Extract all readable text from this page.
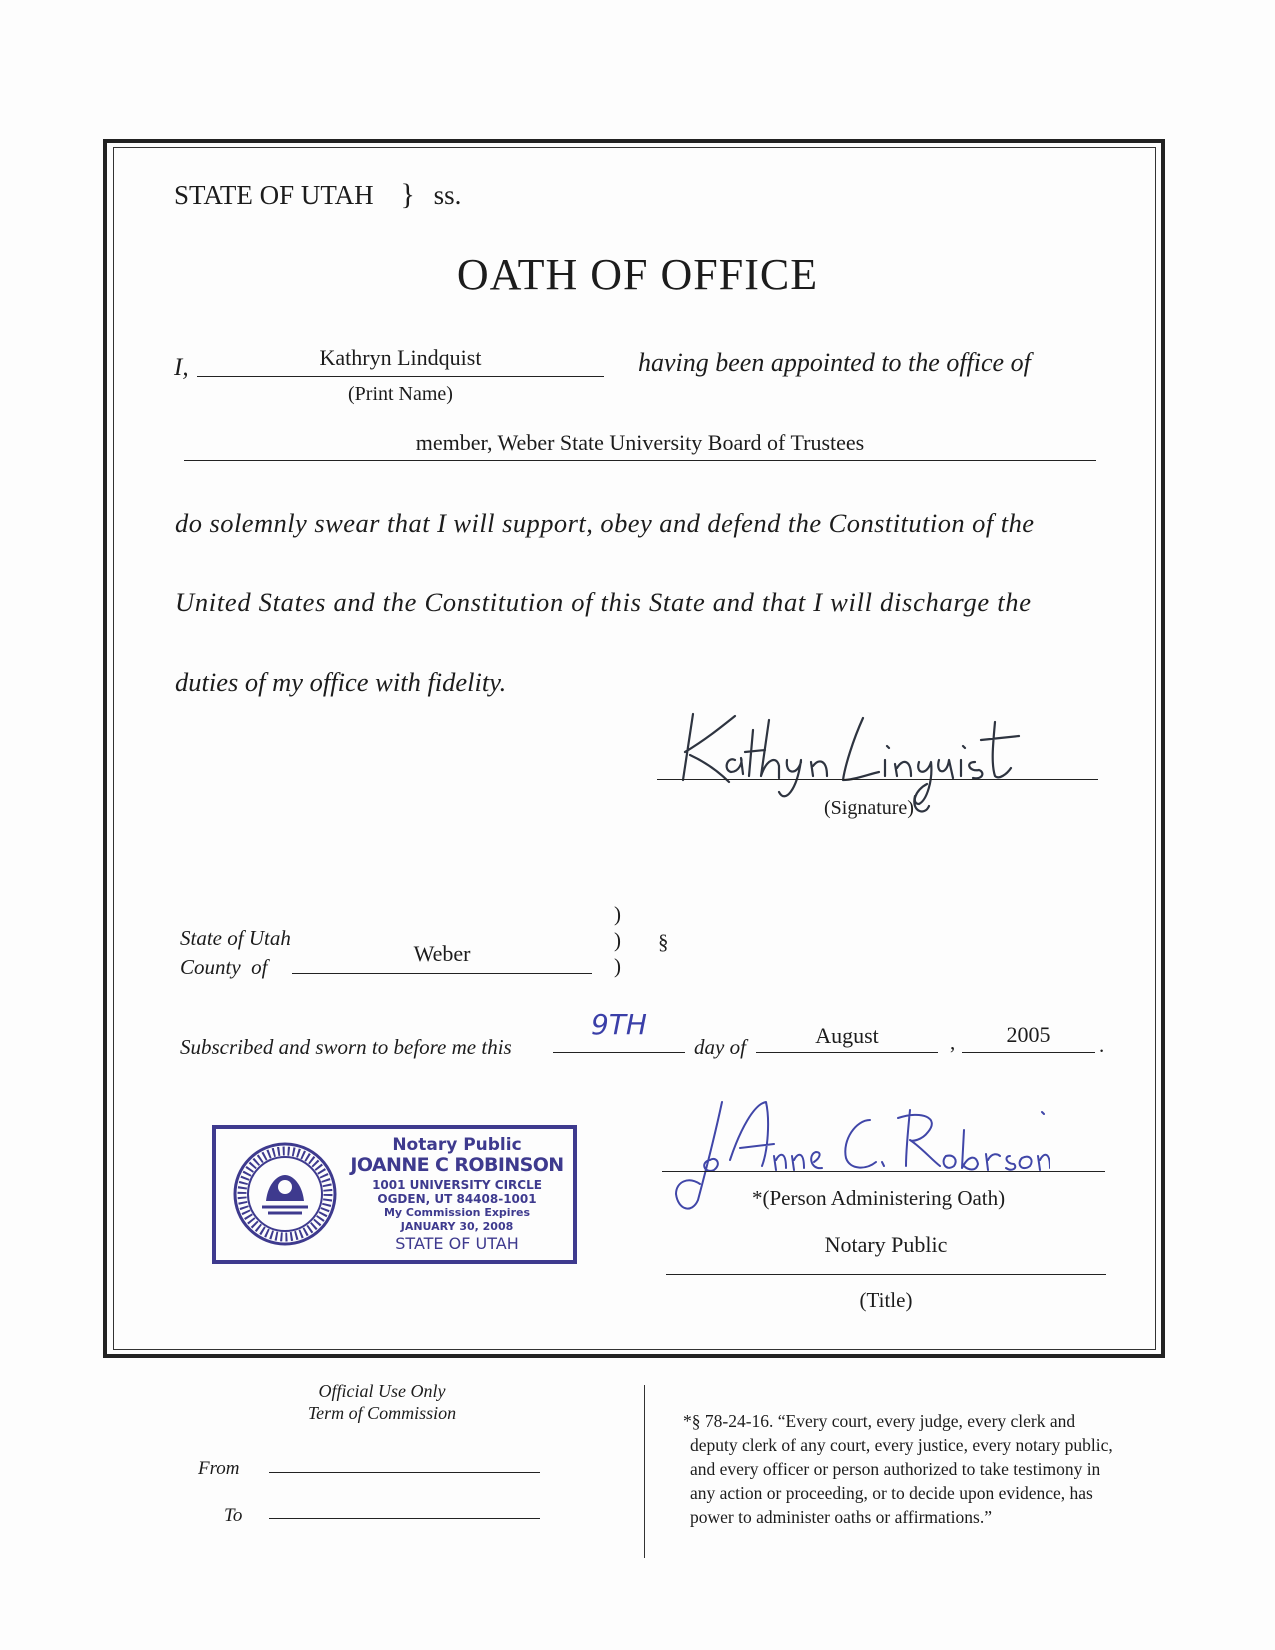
STATE OF UTAH } ss.
OATH OF OFFICE
I,	Kathryn Lindquist
(Print Name)
having been appointed to the office of
member, Weber State University Board of Trustees
do solemnly swear that I will support, obey and defend the Constitution of the
United States and the Constitution of this State and that I will discharge the
duties of my office with fidelity.
(Signature)
State of Utah
County  of
Weber
)
)
)
§
Subscribed and sworn to before me this
9TH
day of	August	,	2005	.
Notary Public
JOANNE C ROBINSON
1001 UNIVERSITY CIRCLE
OGDEN, UT 84408-1001
My Commission Expires
JANUARY 30, 2008
STATE OF UTAH
*(Person Administering Oath)
Notary Public
(Title)
Official Use Only
Term of Commission
From
To
*§ 78-24-16. “Every court, every judge, every clerk and
deputy clerk of any court, every justice, every notary public,
and every officer or person authorized to take testimony in
any action or proceeding, or to decide upon evidence, has
power to administer oaths or affirmations.”
